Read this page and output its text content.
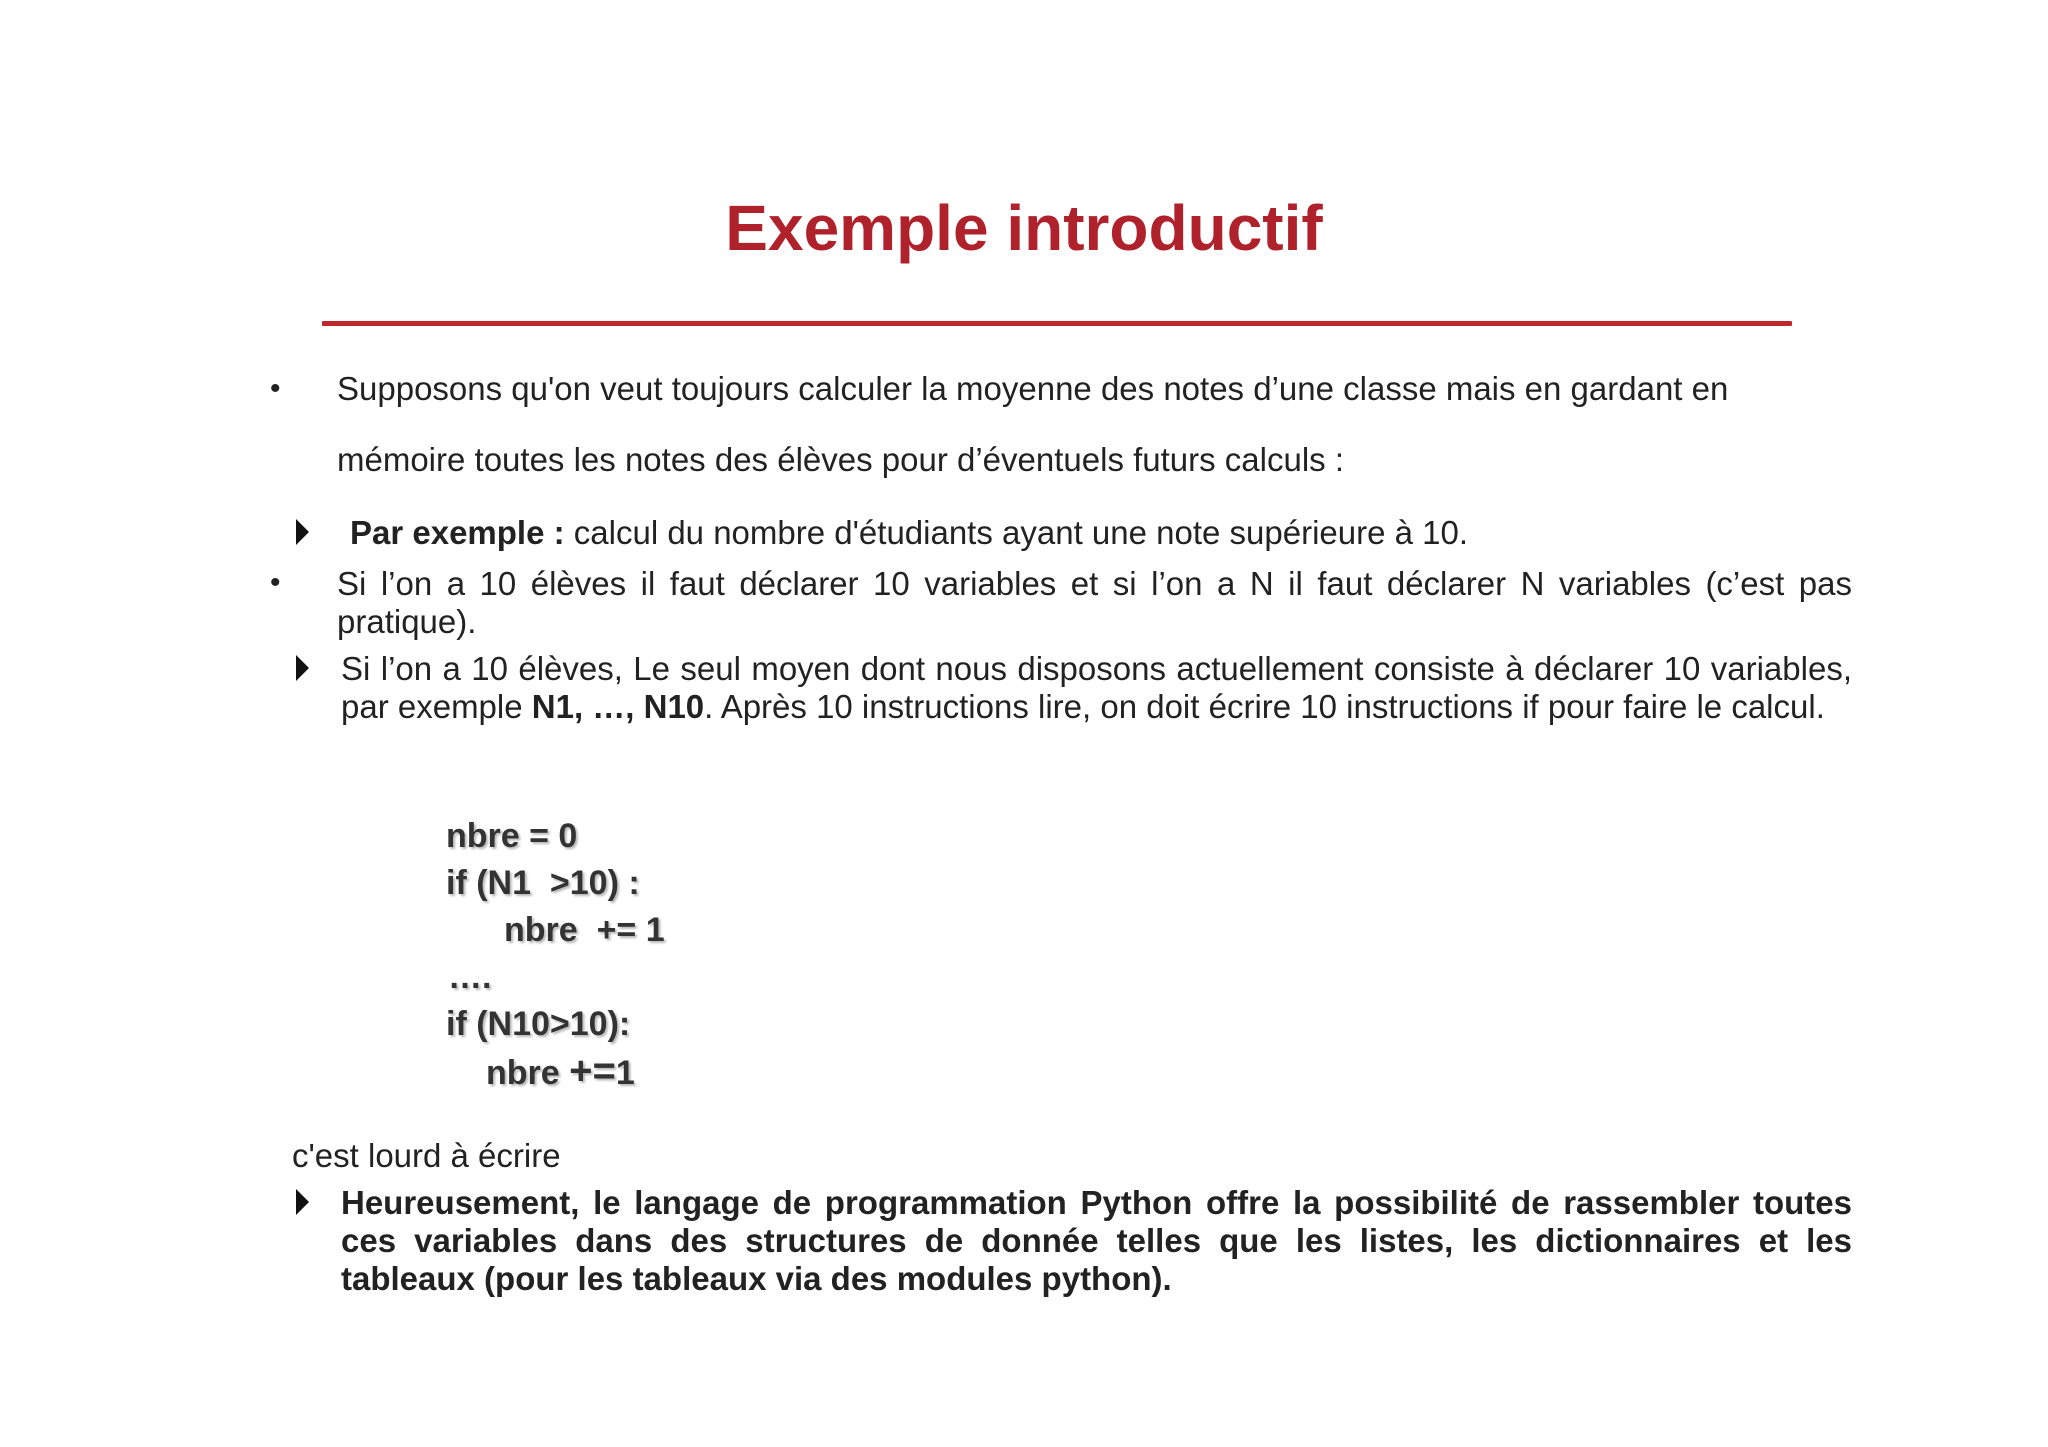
Exemple introductif
• Supposons qu'on veut toujours calculer la moyenne des notes d’une classe mais en gardant en
mémoire toutes les notes des élèves pour d’éventuels futurs calculs :
Par exemple : calcul du nombre d'étudiants ayant une note supérieure à 10.
• Si l’on a 10 élèves il faut déclarer 10 variables et si l’on a N il faut déclarer N variables (c’est pas pratique).
Si l’on a 10 élèves, Le seul moyen dont nous disposons actuellement consiste à déclarer 10 variables, par exemple N1, …, N10. Après 10 instructions lire, on doit écrire 10 instructions if pour faire le calcul.
nbre = 0
if (N1  >10) :
nbre  += 1
….
if (N10>10):
nbre +=1
c'est lourd à écrire
Heureusement, le langage de programmation Python offre la possibilité de rassembler toutes ces variables dans des structures de donnée telles que les listes, les dictionnaires et les tableaux (pour les tableaux via des modules python).
